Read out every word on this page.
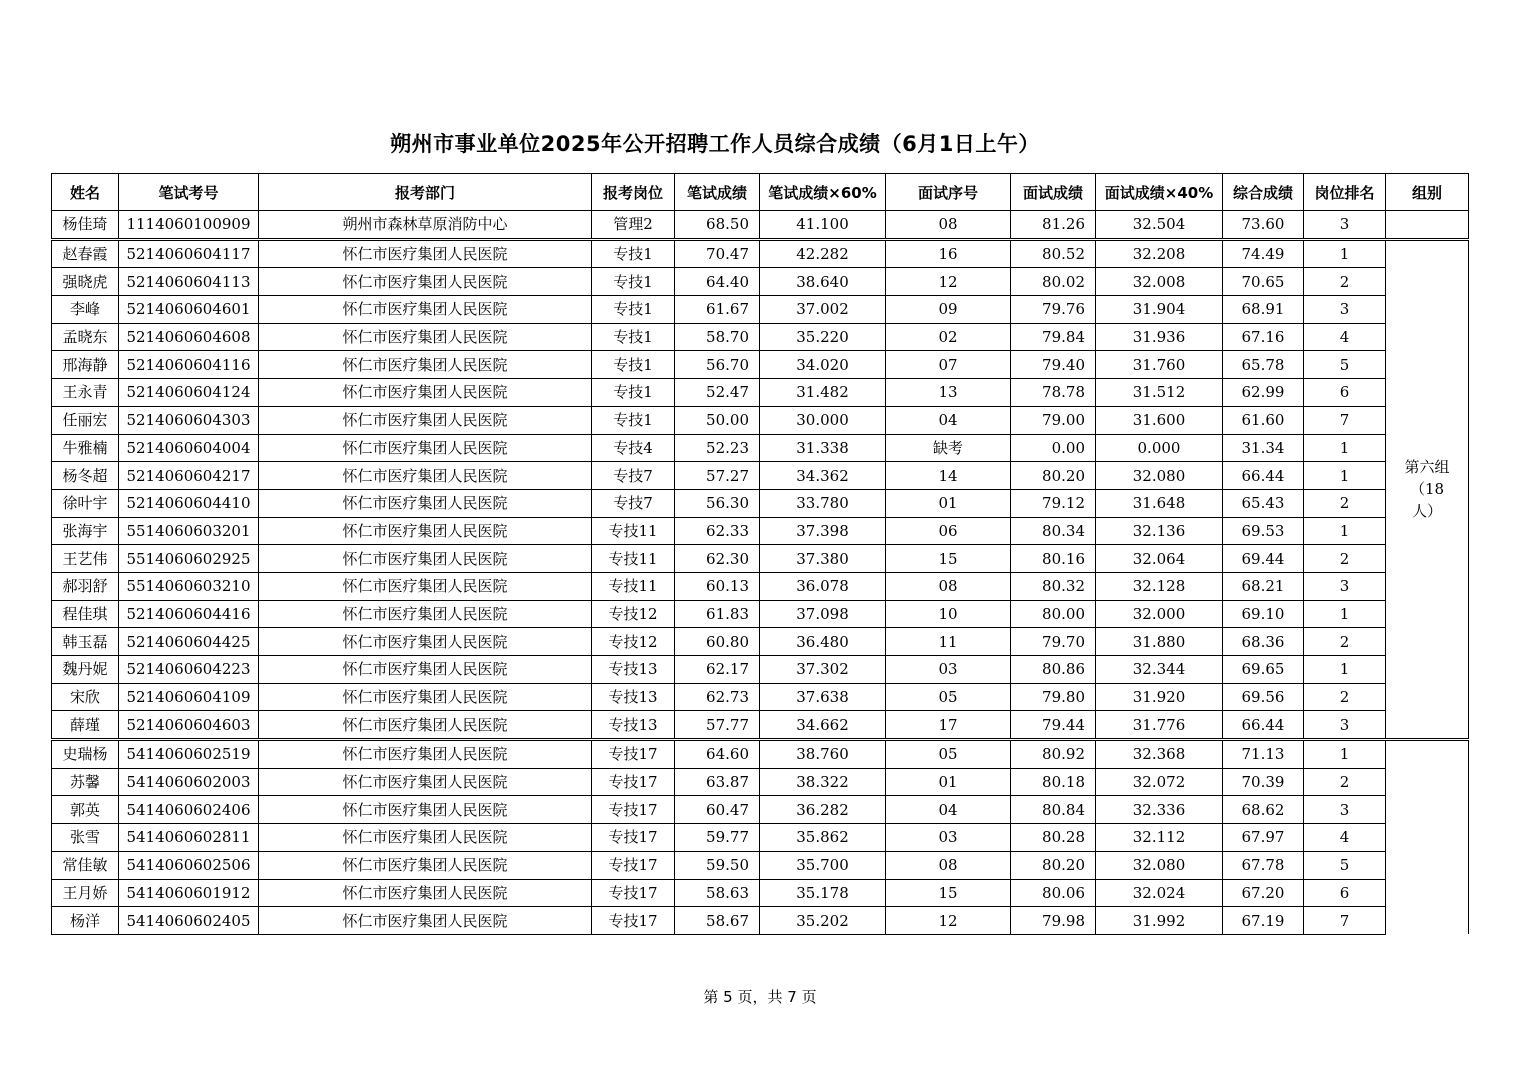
朔州市事业单位2025年公开招聘工作人员综合成绩（6月1日上午）
姓名	笔试考号	报考部门	报考岗位	笔试成绩	笔试成绩×60%	面试序号	面试成绩	面试成绩×40%	综合成绩	岗位排名	组别
杨佳琦	1114060100909	朔州市森林草原消防中心	管理2	68.50	41.100	08	81.26	32.504	73.60	3	
赵春霞	5214060604117	怀仁市医疗集团人民医院	专技1	70.47	42.282	16	80.52	32.208	74.49	1	第六组（18人）
强晓虎	5214060604113	怀仁市医疗集团人民医院	专技1	64.40	38.640	12	80.02	32.008	70.65	2	
李峰	5214060604601	怀仁市医疗集团人民医院	专技1	61.67	37.002	09	79.76	31.904	68.91	3	
孟晓东	5214060604608	怀仁市医疗集团人民医院	专技1	58.70	35.220	02	79.84	31.936	67.16	4	
邢海静	5214060604116	怀仁市医疗集团人民医院	专技1	56.70	34.020	07	79.40	31.760	65.78	5	
王永青	5214060604124	怀仁市医疗集团人民医院	专技1	52.47	31.482	13	78.78	31.512	62.99	6	
任丽宏	5214060604303	怀仁市医疗集团人民医院	专技1	50.00	30.000	04	79.00	31.600	61.60	7	
牛雅楠	5214060604004	怀仁市医疗集团人民医院	专技4	52.23	31.338	缺考	0.00	0.000	31.34	1	
杨冬超	5214060604217	怀仁市医疗集团人民医院	专技7	57.27	34.362	14	80.20	32.080	66.44	1	
徐叶宇	5214060604410	怀仁市医疗集团人民医院	专技7	56.30	33.780	01	79.12	31.648	65.43	2	
张海宇	5514060603201	怀仁市医疗集团人民医院	专技11	62.33	37.398	06	80.34	32.136	69.53	1	
王艺伟	5514060602925	怀仁市医疗集团人民医院	专技11	62.30	37.380	15	80.16	32.064	69.44	2	
郝羽舒	5514060603210	怀仁市医疗集团人民医院	专技11	60.13	36.078	08	80.32	32.128	68.21	3	
程佳琪	5214060604416	怀仁市医疗集团人民医院	专技12	61.83	37.098	10	80.00	32.000	69.10	1	
韩玉磊	5214060604425	怀仁市医疗集团人民医院	专技12	60.80	36.480	11	79.70	31.880	68.36	2	
魏丹妮	5214060604223	怀仁市医疗集团人民医院	专技13	62.17	37.302	03	80.86	32.344	69.65	1	
宋欣	5214060604109	怀仁市医疗集团人民医院	专技13	62.73	37.638	05	79.80	31.920	69.56	2	
薛瑾	5214060604603	怀仁市医疗集团人民医院	专技13	57.77	34.662	17	79.44	31.776	66.44	3	
史瑞杨	5414060602519	怀仁市医疗集团人民医院	专技17	64.60	38.760	05	80.92	32.368	71.13	1	
苏馨	5414060602003	怀仁市医疗集团人民医院	专技17	63.87	38.322	01	80.18	32.072	70.39	2	
郭英	5414060602406	怀仁市医疗集团人民医院	专技17	60.47	36.282	04	80.84	32.336	68.62	3	
张雪	5414060602811	怀仁市医疗集团人民医院	专技17	59.77	35.862	03	80.28	32.112	67.97	4	
常佳敏	5414060602506	怀仁市医疗集团人民医院	专技17	59.50	35.700	08	80.20	32.080	67.78	5	
王月娇	5414060601912	怀仁市医疗集团人民医院	专技17	58.63	35.178	15	80.06	32.024	67.20	6	
杨洋	5414060602405	怀仁市医疗集团人民医院	专技17	58.67	35.202	12	79.98	31.992	67.19	7	
第 5 页，共 7 页
